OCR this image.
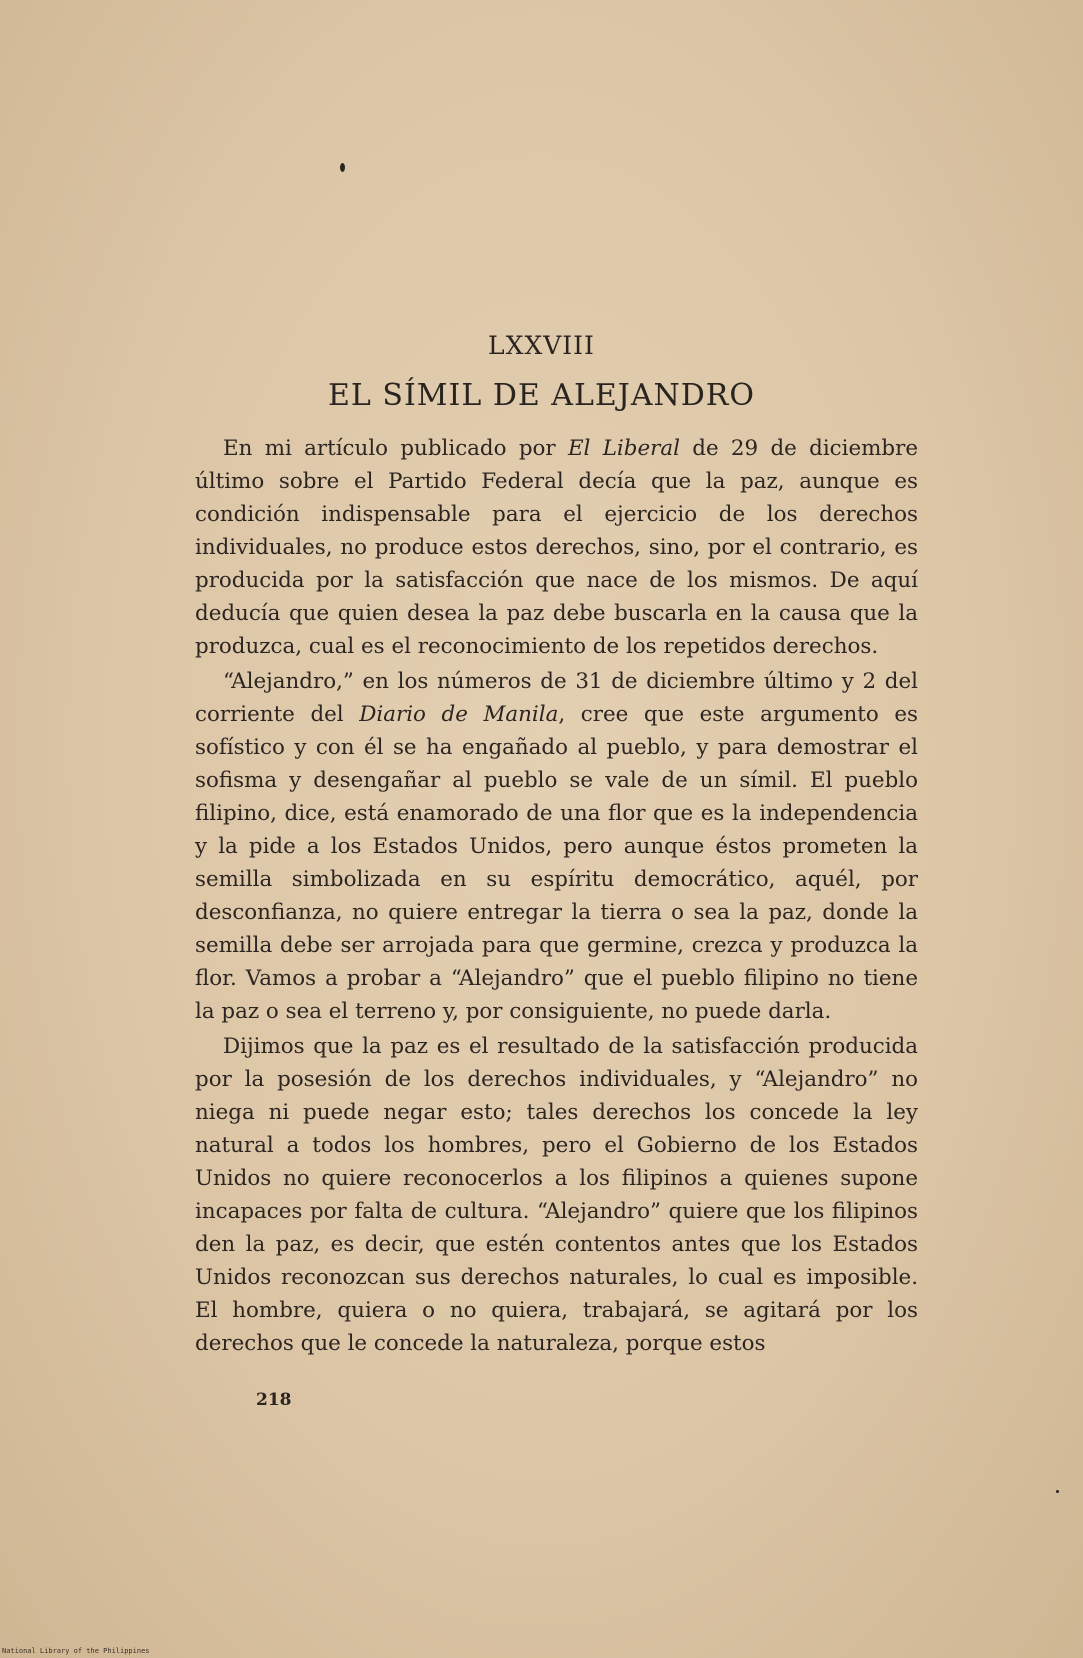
LXXVIII
EL SÍMIL DE ALEJANDRO

En mi artículo publicado por El Liberal de 29 de diciembre último sobre el Partido Federal decía que la paz, aunque es condición indispensable para el ejercicio de los derechos individuales, no produce estos derechos, sino, por el contrario, es producida por la satisfacción que nace de los mismos. De aquí deducía que quien desea la paz debe buscarla en la causa que la produzca, cual es el reconocimiento de los repetidos derechos.

“Alejandro,” en los números de 31 de diciembre último y 2 del corriente del Diario de Manila, cree que este argumento es sofístico y con él se ha engañado al pueblo, y para demostrar el sofisma y desengañar al pueblo se vale de un símil. El pueblo filipino, dice, está enamorado de una flor que es la independencia y la pide a los Estados Unidos, pero aunque éstos prometen la semilla simbolizada en su espíritu democrático, aquél, por desconfianza, no quiere entregar la tierra o sea la paz, donde la semilla debe ser arrojada para que germine, crezca y produzca la flor. Vamos a probar a “Alejandro” que el pueblo filipino no tiene la paz o sea el terreno y, por consiguiente, no puede darla.

Dijimos que la paz es el resultado de la satisfacción producida por la posesión de los derechos individuales, y “Alejandro” no niega ni puede negar esto; tales derechos los concede la ley natural a todos los hombres, pero el Gobierno de los Estados Unidos no quiere reconocerlos a los filipinos a quienes supone incapaces por falta de cultura. “Alejandro” quiere que los filipinos den la paz, es decir, que estén contentos antes que los Estados Unidos reconozcan sus derechos naturales, lo cual es imposible. El hombre, quiera o no quiera, trabajará, se agitará por los derechos que le concede la naturaleza, porque estos

218
National Library of the Philippines
